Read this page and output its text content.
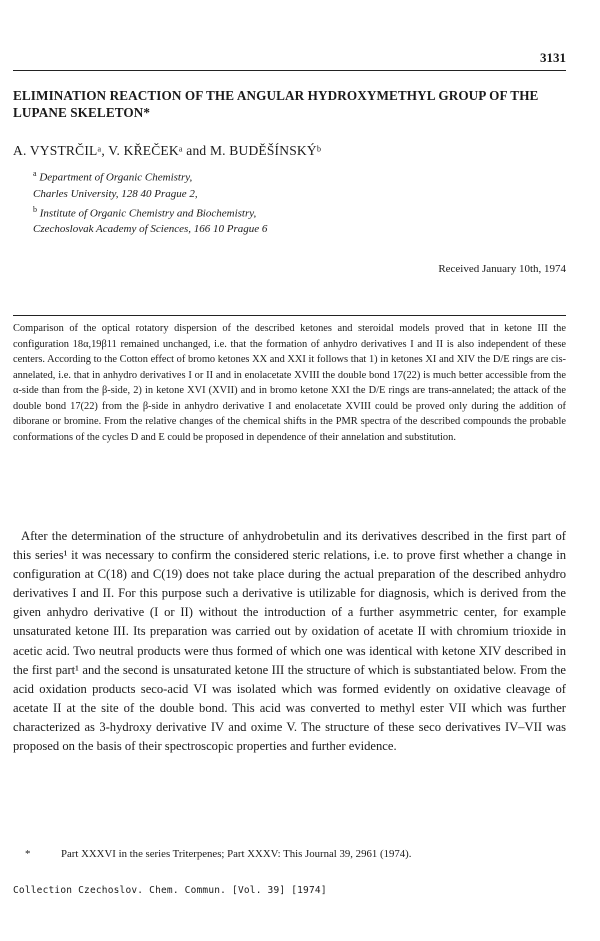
3131
ELIMINATION REACTION OF THE ANGULAR HYDROXYMETHYL GROUP OF THE LUPANE SKELETON*
A. VYSTRČILᵃ, V. KŘEČEKᵃ and M. BUDĚŠÍNSKÝᵇ
$^a$ Department of Organic Chemistry,
Charles University, 128 40 Prague 2,
$^b$ Institute of Organic Chemistry and Biochemistry,
Czechoslovak Academy of Sciences, 166 10 Prague 6
Received January 10th, 1974
Comparison of the optical rotatory dispersion of the described ketones and steroidal models proved that in ketone III the configuration 18α,19β11 remained unchanged, i.e. that the formation of anhydro derivatives I and II is also independent of these centers. According to the Cotton effect of bromo ketones XX and XXI it follows that 1) in ketones XI and XIV the D/E rings are cis-annelated, i.e. that in anhydro derivatives I or II and in enolacetate XVIII the double bond 17(22) is much better accessible from the α-side than from the β-side, 2) in ketone XVI (XVII) and in bromo ketone XXI the D/E rings are trans-annelated; the attack of the double bond 17(22) from the β-side in anhydro derivative I and enolacetate XVIII could be proved only during the addition of diborane or bromine. From the relative changes of the chemical shifts in the PMR spectra of the described compounds the probable conformations of the cycles D and E could be proposed in dependence of their annelation and substitution.

After the determination of the structure of anhydrobetulin and its derivatives described in the first part of this series¹ it was necessary to confirm the considered steric relations, i.e. to prove first whether a change in configuration at C(18) and C(19) does not take place during the actual preparation of the described anhydro derivatives I and II. For this purpose such a derivative is utilizable for diagnosis, which is derived from the given anhydro derivative (I or II) without the introduction of a further asymmetric center, for example unsaturated ketone III. Its preparation was carried out by oxidation of acetate II with chromium trioxide in acetic acid. Two neutral products were thus formed of which one was identical with ketone XIV described in the first part¹ and the second is unsaturated ketone III the structure of which is substantiated below. From the acid oxidation products seco-acid VI was isolated which was formed evidently on oxidative cleavage of acetate II at the site of the double bond. This acid was converted to methyl ester VII which was further characterized as 3-hydroxy derivative IV and oxime V. The structure of these seco derivatives IV–VII was proposed on the basis of their spectroscopic properties and further evidence.

*	Part XXXVI in the series Triterpenes; Part XXXV: This Journal 39, 2961 (1974).
Collection Czechoslov. Chem. Commun. [Vol. 39] [1974]
